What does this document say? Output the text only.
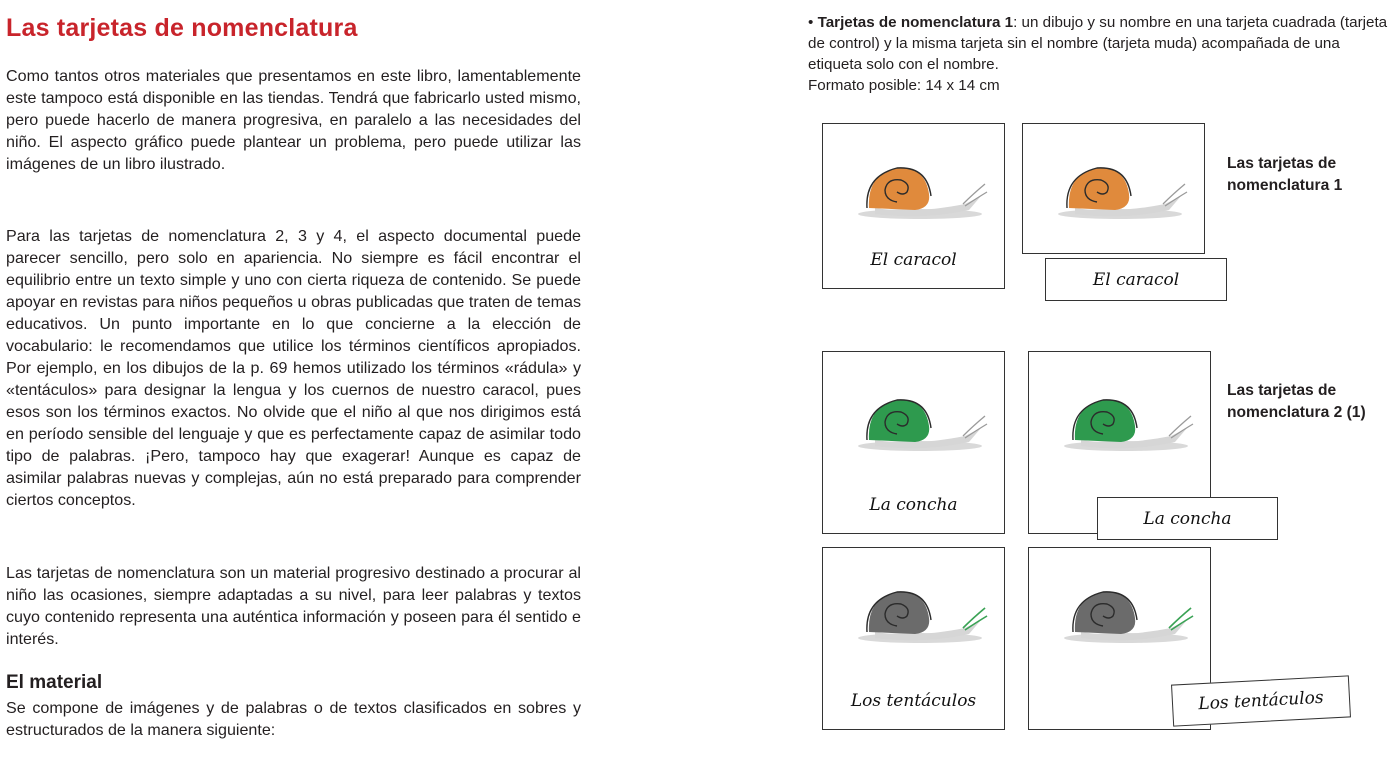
Las tarjetas de nomenclatura

Como tantos otros materiales que presentamos en este libro, lamentablemente este tampoco está disponible en las tiendas. Tendrá que fabricarlo usted mismo, pero puede hacerlo de manera progresiva, en paralelo a las necesidades del niño. El aspecto gráfico puede plantear un problema, pero puede utilizar las imágenes de un libro ilustrado.

Para las tarjetas de nomenclatura 2, 3 y 4, el aspecto documental puede parecer sencillo, pero solo en apariencia. No siempre es fácil encontrar el equilibrio entre un texto simple y uno con cierta riqueza de contenido. Se puede apoyar en revistas para niños pequeños u obras publicadas que traten de temas educativos. Un punto importante en lo que concierne a la elección de vocabulario: le recomendamos que utilice los términos científicos apropiados. Por ejemplo, en los dibujos de la p. 69 hemos utilizado los términos «rádula» y «tentáculos» para designar la lengua y los cuernos de nuestro caracol, pues esos son los términos exactos. No olvide que el niño al que nos dirigimos está en período sensible del lenguaje y que es perfectamente capaz de asimilar todo tipo de palabras. ¡Pero, tampoco hay que exagerar! Aunque es capaz de asimilar palabras nuevas y complejas, aún no está preparado para comprender ciertos conceptos.

Las tarjetas de nomenclatura son un material progresivo destinado a procurar al niño las ocasiones, siempre adaptadas a su nivel, para leer palabras y textos cuyo contenido representa una auténtica información y poseen para él sentido e interés.

El material

Se compone de imágenes y de palabras o de textos clasificados en sobres y estructurados de la manera siguiente:

• Tarjetas de nomenclatura 1: un dibujo y su nombre en una tarjeta cuadrada (tarjeta de control) y la misma tarjeta sin el nombre (tarjeta muda) acompañada de una etiqueta solo con el nombre.
Formato posible: 14 x 14 cm

El caracol
El caracol
Las tarjetas de
nomenclatura 1
La concha
La concha
Las tarjetas de
nomenclatura 2 (1)
Los tentáculos	Los tentáculos
